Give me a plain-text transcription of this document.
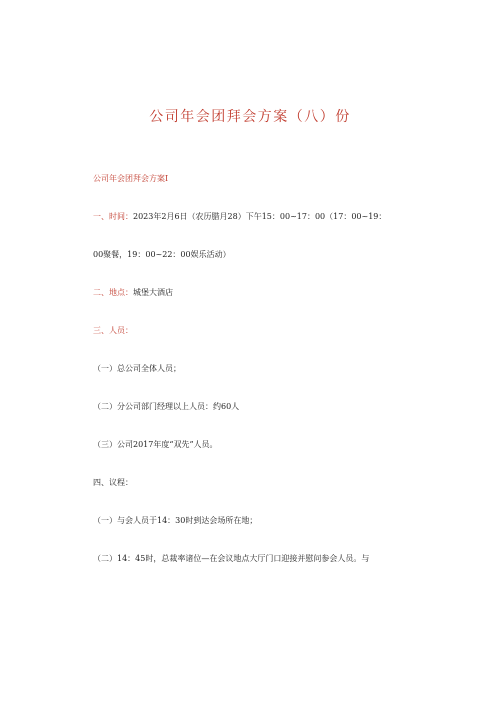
公司年会团拜会方案（八）份

公司年会团拜会方案I

一、时间：2023年2月6日（农历腊月28）下午15：00~17：00（17：00~19：

00聚餐，19：00~22：00娱乐活动）

二、地点：城堡大酒店

三、人员：

（一）总公司全体人员；

（二）分公司部门经理以上人员：约60人

（三）公司2017年度“双先”人员。

四、议程：

（一）与会人员于14：30时到达会场所在地；

（二）14：45时，总裁率诸位—在会议地点大厅门口迎接并慰问参会人员。与
